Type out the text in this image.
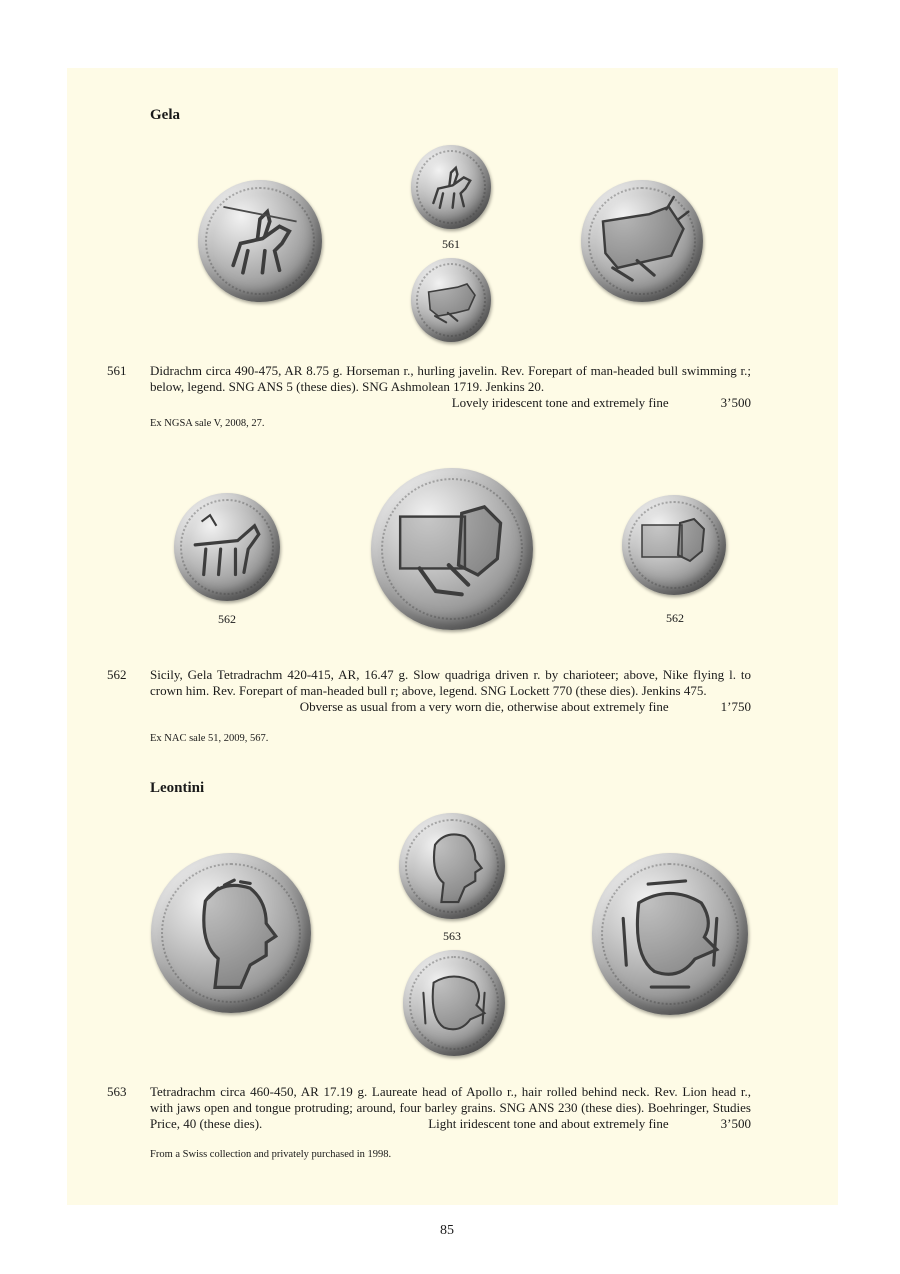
Gela
561
561 Didrachm circa 490-475, AR 8.75 g. Horseman r., hurling javelin. Rev. Forepart of man-headed bull swimming r.; below, legend. SNG ANS 5 (these dies). SNG Ashmolean 1719. Jenkins 20.

Lovely iridescent tone and extremely fine	3’500
Ex NGSA sale V, 2008, 27.
562	562
562 Sicily, Gela Tetradrachm 420-415, AR, 16.47 g. Slow quadriga driven r. by charioteer; above, Nike flying l. to crown him. Rev. Forepart of man-headed bull r; above, legend. SNG Lockett 770 (these dies). Jenkins 475.

Obverse as usual from a very worn die, otherwise about extremely fine	1’750
Ex NAC sale 51, 2009, 567.
Leontini
563
563 Tetradrachm circa 460-450, AR 17.19 g. Laureate head of Apollo r., hair rolled behind neck. Rev. Lion head r., with jaws open and tongue protruding; around, four barley grains. SNG ANS 230 (these dies). Boehringer, Studies Price, 40 (these dies).	Light iridescent tone and about extremely fine	3’500
From a Swiss collection and privately purchased in 1998.
85
